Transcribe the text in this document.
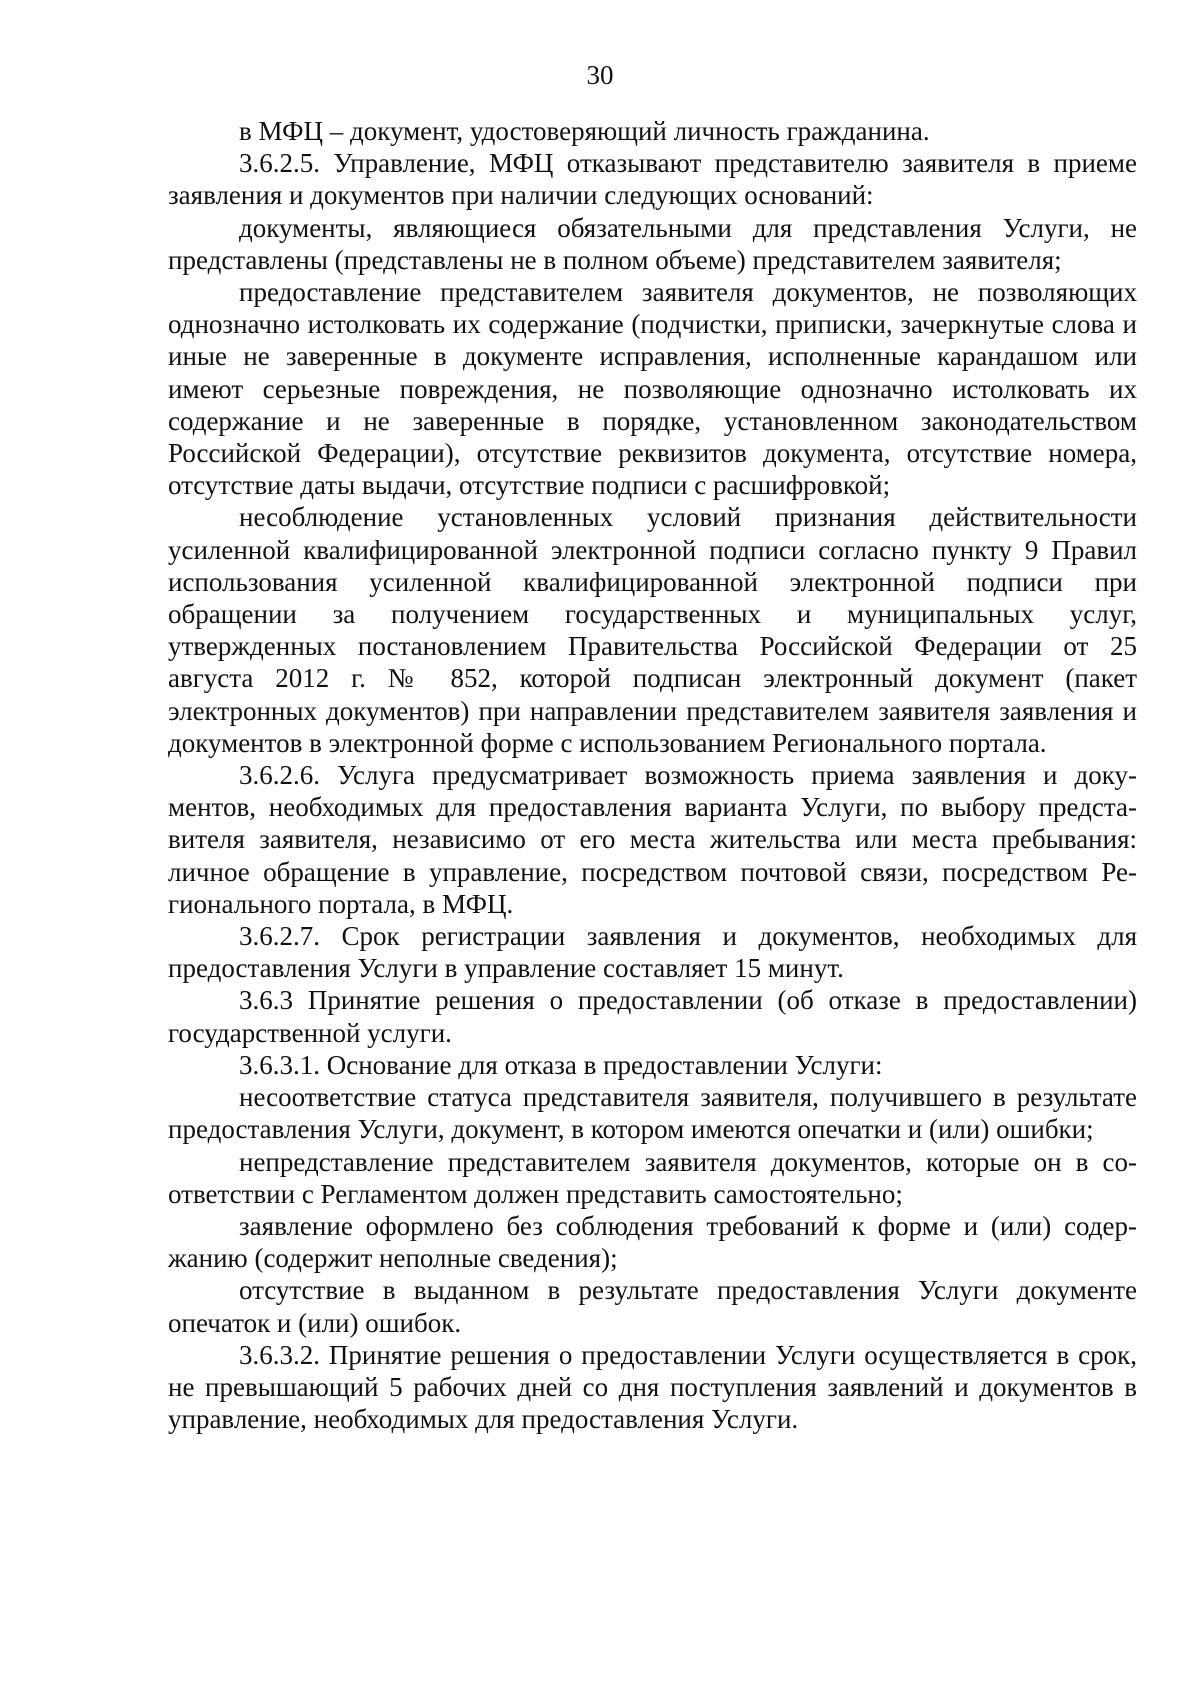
30

в МФЦ – документ, удостоверяющий личность гражданина.

3.6.2.5. Управление, МФЦ отказывают представителю заявителя в приеме заявления и документов при наличии следующих оснований:

документы, являющиеся обязательными для представления Услуги, не представлены (представлены не в полном объеме) представителем заявителя;

предоставление представителем заявителя документов, не позволяющих однозначно истолковать их содержание (подчистки, приписки, зачеркнутые слова и иные не заверенные в документе исправления, исполненные карандашом или имеют серьезные повреждения, не позволяющие однозначно истолковать их содержание и не заверенные в порядке, установленном законодательством Российской Федерации), отсутствие реквизитов документа, отсутствие номера, отсутствие даты выдачи, отсутствие подписи с расшифровкой;

несоблюдение установленных условий признания действительности усиленной квалифицированной электронной подписи согласно пункту 9 Правил использования усиленной квалифицированной электронной подписи при обращении за получением государственных и муниципальных услуг, утвержденных постановлением Правительства Российской Федерации от 25 августа 2012 г. № 852, которой подписан электронный документ (пакет электронных документов) при направлении представителем заявителя заявления и документов в электронной форме с использованием Регионального портала.

3.6.2.6. Услуга предусматривает возможность приема заявления и документов, необходимых для предоставления варианта Услуги, по выбору представителя заявителя, независимо от его места жительства или места пребывания: личное обращение в управление, посредством почтовой связи, посредством Регионального портала, в МФЦ.

3.6.2.7. Срок регистрации заявления и документов, необходимых для предоставления Услуги в управление составляет 15 минут.

3.6.3 Принятие решения о предоставлении (об отказе в предоставлении) государственной услуги.

3.6.3.1. Основание для отказа в предоставлении Услуги:

несоответствие статуса представителя заявителя, получившего в результате предоставления Услуги, документ, в котором имеются опечатки и (или) ошибки;

непредставление представителем заявителя документов, которые он в соответствии с Регламентом должен представить самостоятельно;

заявление оформлено без соблюдения требований к форме и (или) содержанию (содержит неполные сведения);

отсутствие в выданном в результате предоставления Услуги документе опечаток и (или) ошибок.

3.6.3.2. Принятие решения о предоставлении Услуги осуществляется в срок, не превышающий 5 рабочих дней со дня поступления заявлений и документов в управление, необходимых для предоставления Услуги.
